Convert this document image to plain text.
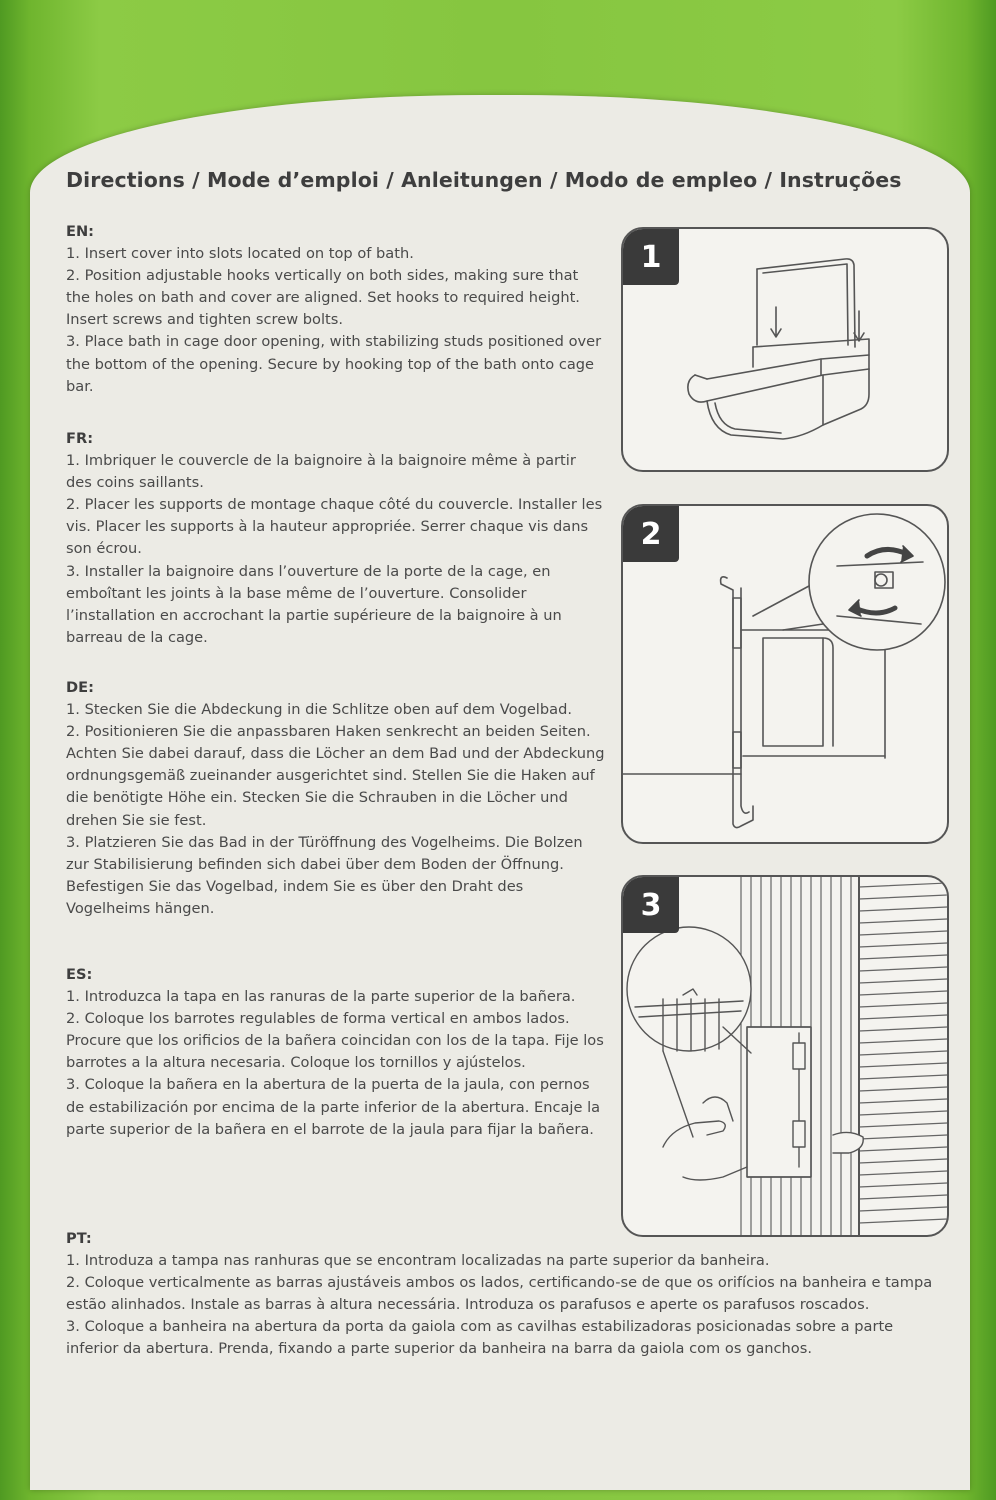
Directions / Mode d’emploi / Anleitungen / Modo de empleo / Instruções
EN:

1. Insert cover into slots located on top of bath.

2. Position adjustable hooks vertically on both sides, making sure that the holes on bath and cover are aligned. Set hooks to required height. Insert screws and tighten screw bolts.

3. Place bath in cage door opening, with stabilizing studs positioned over the bottom of the opening. Secure by hooking top of the bath onto cage bar.

FR:

1. Imbriquer le couvercle de la baignoire à la baignoire même à partir des coins saillants.

2. Placer les supports de montage chaque côté du couvercle. Installer les vis. Placer les supports à la hauteur appropriée. Serrer chaque vis dans son écrou.

3. Installer la baignoire dans l’ouverture de la porte de la cage, en emboîtant les joints à la base même de l’ouverture. Consolider l’installation en accrochant la partie supérieure de la baignoire à un barreau de la cage.

DE:

1. Stecken Sie die Abdeckung in die Schlitze oben auf dem Vogelbad.

2. Positionieren Sie die anpassbaren Haken senkrecht an beiden Seiten. Achten Sie dabei darauf, dass die Löcher an dem Bad und der Abdeckung ordnungsgemäß zueinander ausgerichtet sind. Stellen Sie die Haken auf die benötigte Höhe ein. Stecken Sie die Schrauben in die Löcher und drehen Sie sie fest.

3. Platzieren Sie das Bad in der Türöffnung des Vogelheims. Die Bolzen zur Stabilisierung befinden sich dabei über dem Boden der Öffnung. Befestigen Sie das Vogelbad, indem Sie es über den Draht des Vogelheims hängen.

ES:

1. Introduzca la tapa en las ranuras de la parte superior de la bañera.

2. Coloque los barrotes regulables de forma vertical en ambos lados. Procure que los orificios de la bañera coincidan con los de la tapa. Fije los barrotes a la altura necesaria. Coloque los tornillos y ajústelos.

3. Coloque la bañera en la abertura de la puerta de la jaula, con pernos de estabilización por encima de la parte inferior de la abertura. Encaje la parte superior de la bañera en el barrote de la jaula para fijar la bañera.

PT:

1. Introduza a tampa nas ranhuras que se encontram localizadas na parte superior da banheira.

2. Coloque verticalmente as barras ajustáveis ambos os lados, certificando-se de que os orifícios na banheira e tampa estão alinhados. Instale as barras à altura necessária. Introduza os parafusos e aperte os parafusos roscados.

3. Coloque a banheira na abertura da porta da gaiola com as cavilhas estabilizadoras posicionadas sobre a parte inferior da abertura. Prenda, fixando a parte superior da banheira na barra da gaiola com os ganchos.

1
2
3
